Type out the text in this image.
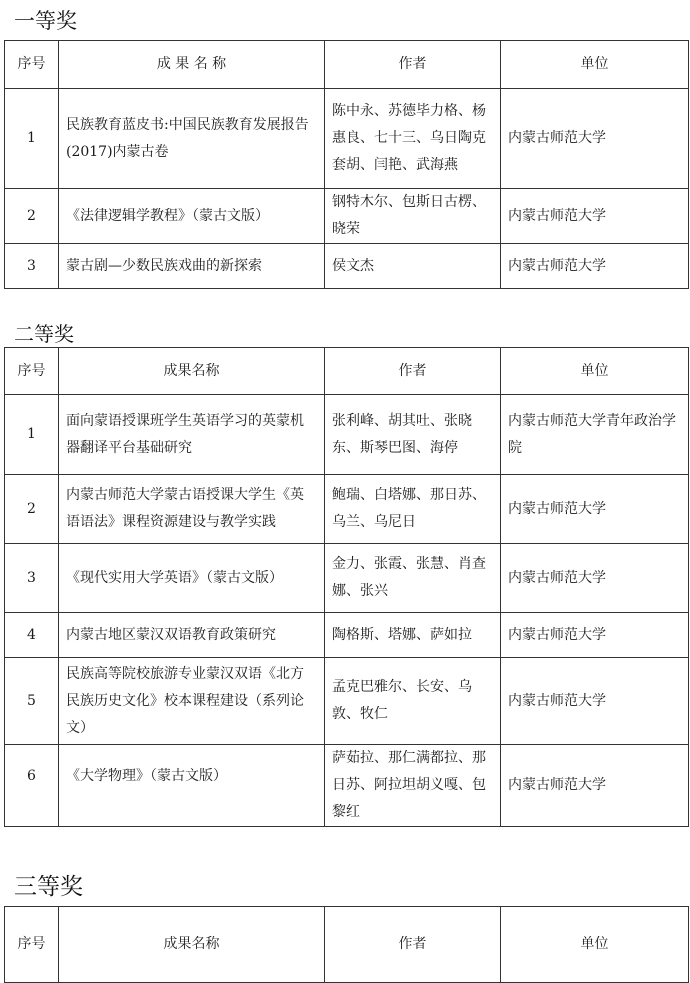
一等奖
序号	成 果 名 称	作者	单位
1	民族教育蓝皮书:中国民族教育发展报告(2017)内蒙古卷	陈中永、苏德毕力格、杨惠良、七十三、乌日陶克套胡、闫艳、武海燕	内蒙古师范大学
2	《法律逻辑学教程》（蒙古文版）	钢特木尔、包斯日古楞、晓荣	内蒙古师范大学
3	蒙古剧—少数民族戏曲的新探索	侯文杰	内蒙古师范大学
二等奖
序号	成果名称	作者	单位
1	面向蒙语授课班学生英语学习的英蒙机器翻译平台基础研究	张利峰、胡其吐、张晓东、斯琴巴图、海停	内蒙古师范大学青年政治学院
2	内蒙古师范大学蒙古语授课大学生《英语语法》课程资源建设与教学实践	鲍瑞、白塔娜、那日苏、乌兰、乌尼日	内蒙古师范大学
3	《现代实用大学英语》（蒙古文版）	金力、张霞、张慧、肖查娜、张兴	内蒙古师范大学
4	内蒙古地区蒙汉双语教育政策研究	陶格斯、塔娜、萨如拉	内蒙古师范大学
5	民族高等院校旅游专业蒙汉双语《北方民族历史文化》校本课程建设（系列论文）	孟克巴雅尔、长安、乌敦、牧仁	内蒙古师范大学
6	《大学物理》（蒙古文版）	萨茹拉、那仁满都拉、那日苏、阿拉坦胡义嘎、包黎红	内蒙古师范大学
三等奖
序号	成果名称	作者	单位
